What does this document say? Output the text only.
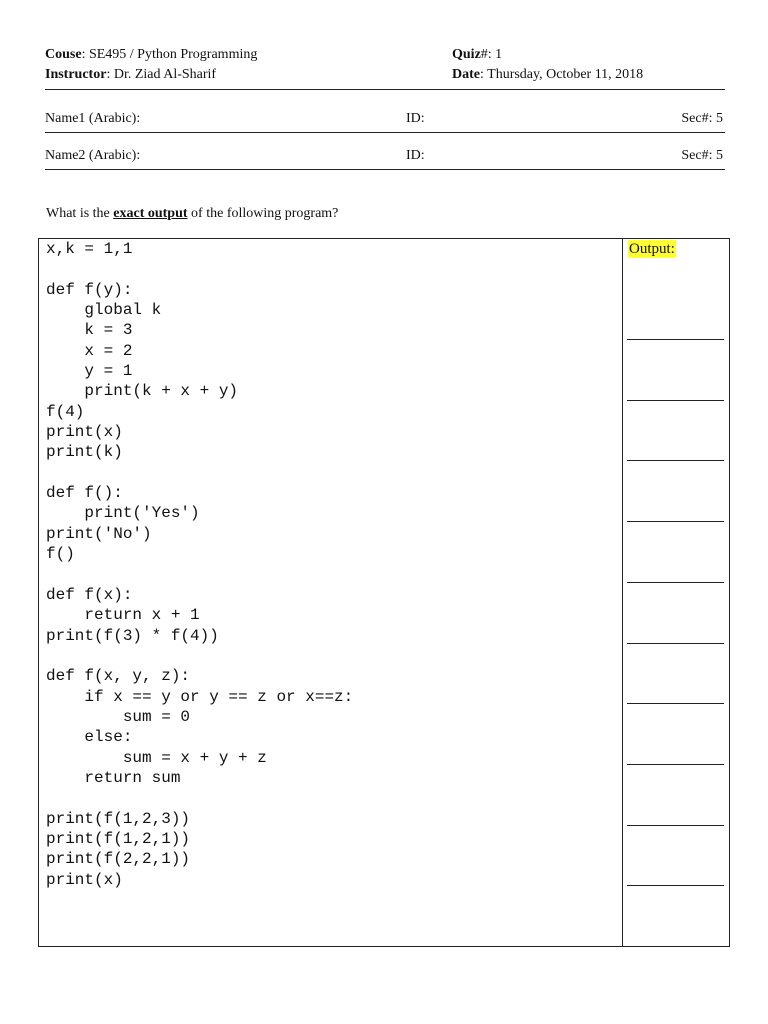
Couse: SE495 / Python Programming
Instructor: Dr. Ziad Al-Sharif
Quiz#: 1
Date: Thursday, October 11, 2018
Name1 (Arabic):	ID:	Sec#: 5
Name2 (Arabic):	ID:	Sec#: 5
What is the exact output of the following program?
x,k = 1,1
def f(y):
global k
k = 3
x = 2
y = 1
print(k + x + y)
f(4)
print(x)
print(k)
def f():
print('Yes')
print('No')
f()
def f(x):
return x + 1
print(f(3) * f(4))
def f(x, y, z):
if x == y or y == z or x==z:
sum = 0
else:
sum = x + y + z
return sum
print(f(1,2,3))
print(f(1,2,1))
print(f(2,2,1))
print(x)
Output:
